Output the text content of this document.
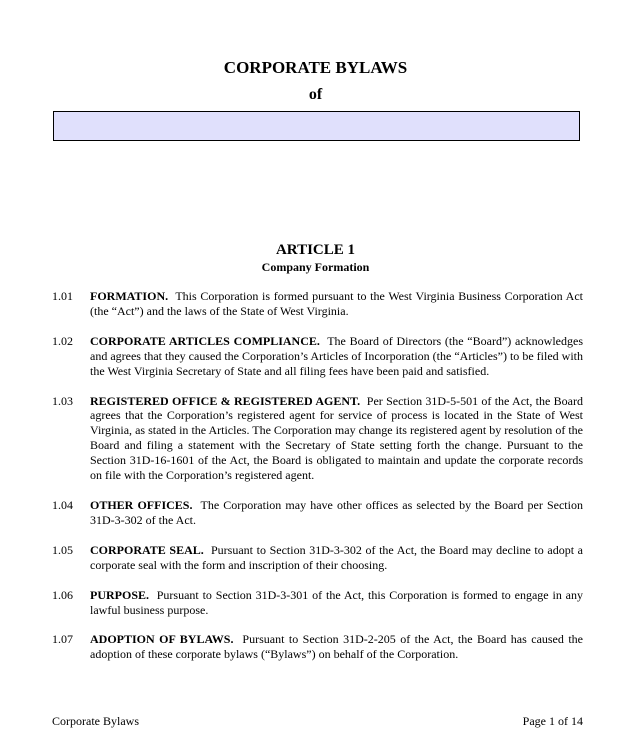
CORPORATE BYLAWS
of
ARTICLE 1
Company Formation
1.01	FORMATION. This Corporation is formed pursuant to the West Virginia Business Corporation Act (the “Act”) and the laws of the State of West Virginia.
1.02	CORPORATE ARTICLES COMPLIANCE. The Board of Directors (the “Board”) acknowledges and agrees that they caused the Corporation’s Articles of Incorporation (the “Articles”) to be filed with the West Virginia Secretary of State and all filing fees have been paid and satisfied.
1.03	REGISTERED OFFICE & REGISTERED AGENT. Per Section 31D-5-501 of the Act, the Board agrees that the Corporation’s registered agent for service of process is located in the State of West Virginia, as stated in the Articles. The Corporation may change its registered agent by resolution of the Board and filing a statement with the Secretary of State setting forth the change. Pursuant to the Section 31D-16-1601 of the Act, the Board is obligated to maintain and update the corporate records on file with the Corporation’s registered agent.
1.04	OTHER OFFICES. The Corporation may have other offices as selected by the Board per Section 31D-3-302 of the Act.
1.05	CORPORATE SEAL. Pursuant to Section 31D-3-302 of the Act, the Board may decline to adopt a corporate seal with the form and inscription of their choosing.
1.06	PURPOSE. Pursuant to Section 31D-3-301 of the Act, this Corporation is formed to engage in any lawful business purpose.
1.07	ADOPTION OF BYLAWS. Pursuant to Section 31D-2-205 of the Act, the Board has caused the adoption of these corporate bylaws (“Bylaws”) on behalf of the Corporation.
Corporate Bylaws	Page 1 of 14
